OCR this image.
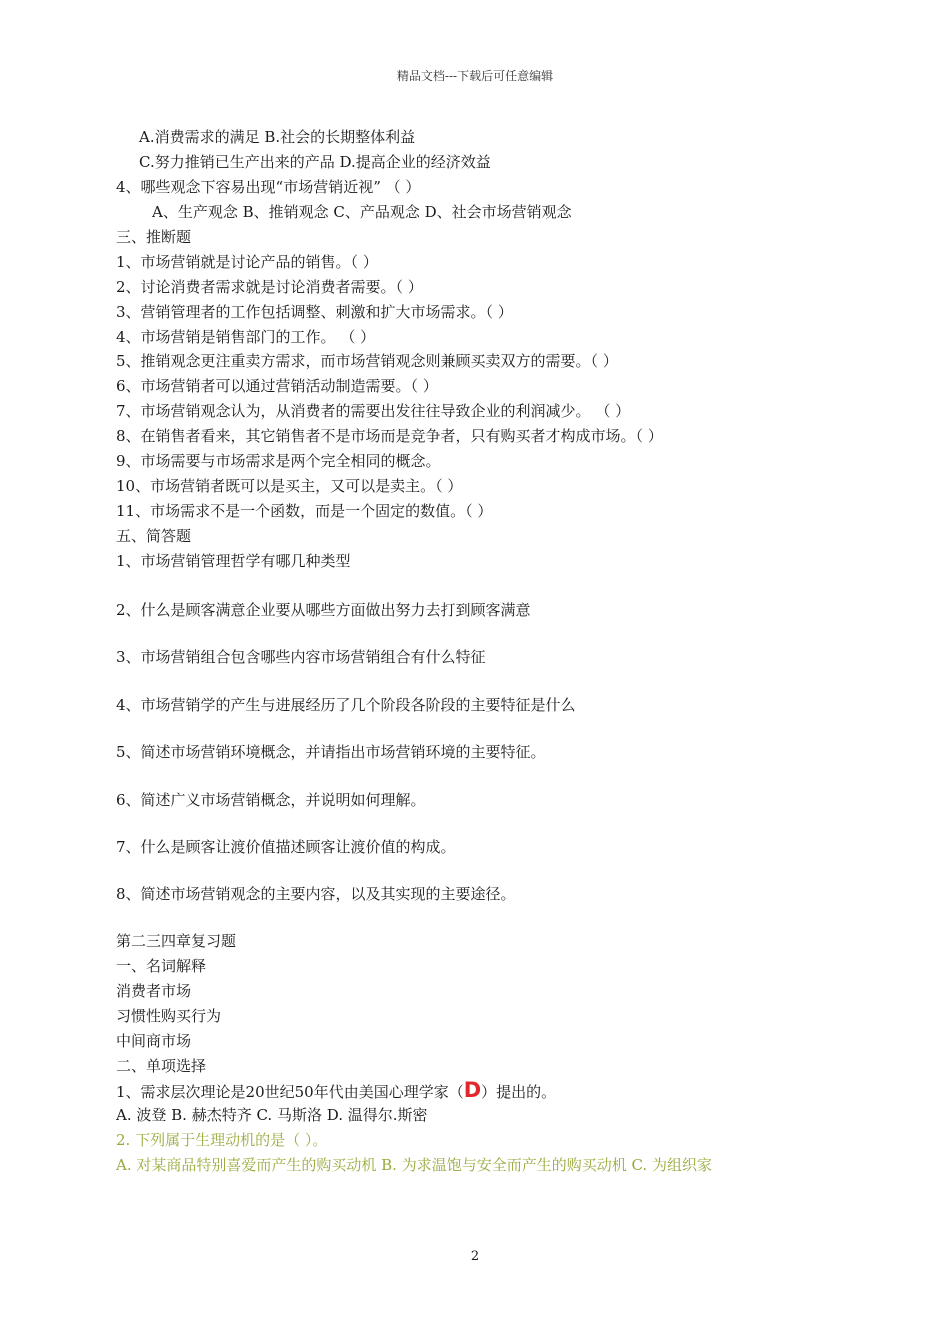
精品文档---下载后可任意编辑
A.消费需求的满足 B.社会的长期整体利益
C.努力推销已生产出来的产品 D.提高企业的经济效益
4、哪些观念下容易出现“市场营销近视” （ ）
A、生产观念 B、推销观念 C、产品观念 D、社会市场营销观念
三、推断题
1、市场营销就是讨论产品的销售。（ ）
2、讨论消费者需求就是讨论消费者需要。（ ）
3、营销管理者的工作包括调整、刺激和扩大市场需求。（ ）
4、市场营销是销售部门的工作。 （ ）
5、推销观念更注重卖方需求，而市场营销观念则兼顾买卖双方的需要。（ ）
6、市场营销者可以通过营销活动制造需要。（ ）
7、市场营销观念认为，从消费者的需要出发往往导致企业的利润减少。 （ ）
8、在销售者看来，其它销售者不是市场而是竞争者，只有购买者才构成市场。（ ）
9、市场需要与市场需求是两个完全相同的概念。
10、市场营销者既可以是买主，又可以是卖主。（ ）
11、市场需求不是一个函数，而是一个固定的数值。（ ）
五、简答题
1、市场营销管理哲学有哪几种类型
2、什么是顾客满意企业要从哪些方面做出努力去打到顾客满意
3、市场营销组合包含哪些内容市场营销组合有什么特征
4、市场营销学的产生与进展经历了几个阶段各阶段的主要特征是什么
5、简述市场营销环境概念，并请指出市场营销环境的主要特征。
6、简述广义市场营销概念，并说明如何理解。
7、什么是顾客让渡价值描述顾客让渡价值的构成。
8、简述市场营销观念的主要内容，以及其实现的主要途径。
第二三四章复习题
一、名词解释
消费者市场
习惯性购买行为
中间商市场
二、单项选择
1、需求层次理论是20世纪50年代由美国心理学家（D）提出的。
A. 波登 B. 赫杰特齐 C. 马斯洛 D. 温得尔.斯密
2. 下列属于生理动机的是（ ）。
A. 对某商品特别喜爱而产生的购买动机 B. 为求温饱与安全而产生的购买动机 C. 为组织家
2
